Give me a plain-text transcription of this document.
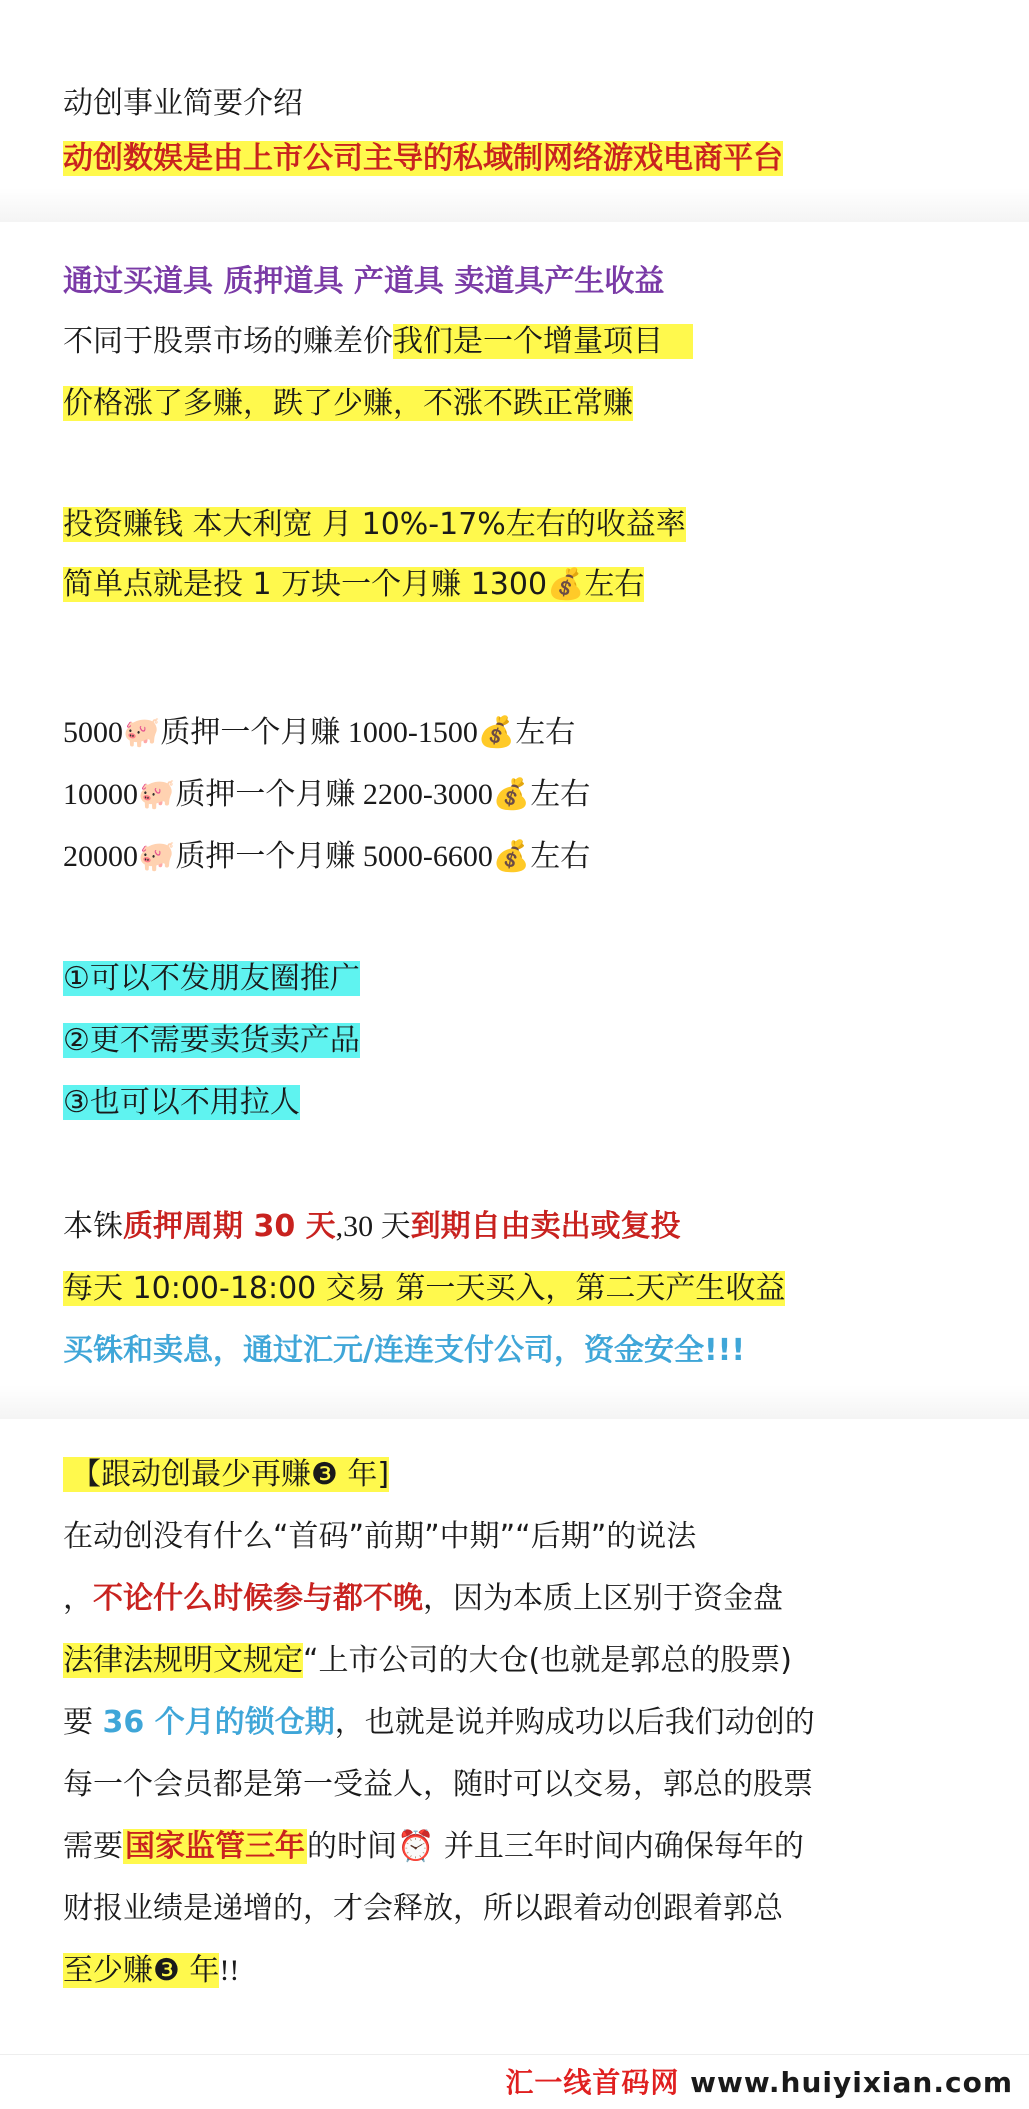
动创事业简要介绍
动创数娱是由上市公司主导的私域制网络游戏电商平台
通过买道具 质押道具 产道具 卖道具产生收益
不同于股票市场的赚差价我们是一个增量项目
价格涨了多赚，跌了少赚，不涨不跌正常赚
投资赚钱 本大利宽 月 10%-17%左右的收益率
简单点就是投 1 万块一个月赚 1300💰左右
5000🐖质押一个月赚 1000-1500💰左右
10000🐖质押一个月赚 2200-3000💰左右
20000🐖质押一个月赚 5000-6600💰左右
①可以不发朋友圈推广
②更不需要卖货卖产品
③也可以不用拉人
本铢质押周期 30 天,30 天到期自由卖出或复投
每天 10:00-18:00 交易 第一天买入，第二天产生收益
买铢和卖息，通过汇元/连连支付公司，资金安全!!!
【跟动创最少再赚❸ 年]
在动创没有什么“首码”前期”中期”“后期”的说法
，不论什么时候参与都不晚，因为本质上区别于资金盘
法律法规明文规定“上市公司的大仓(也就是郭总的股票)
要 36 个月的锁仓期，也就是说并购成功以后我们动创的
每一个会员都是第一受益人，随时可以交易，郭总的股票
需要国家监管三年的时间⏰ 并且三年时间内确保每年的
财报业绩是递增的，才会释放，所以跟着动创跟着郭总
至少赚❸ 年!!
汇一线首码网 www.huiyixian.com
